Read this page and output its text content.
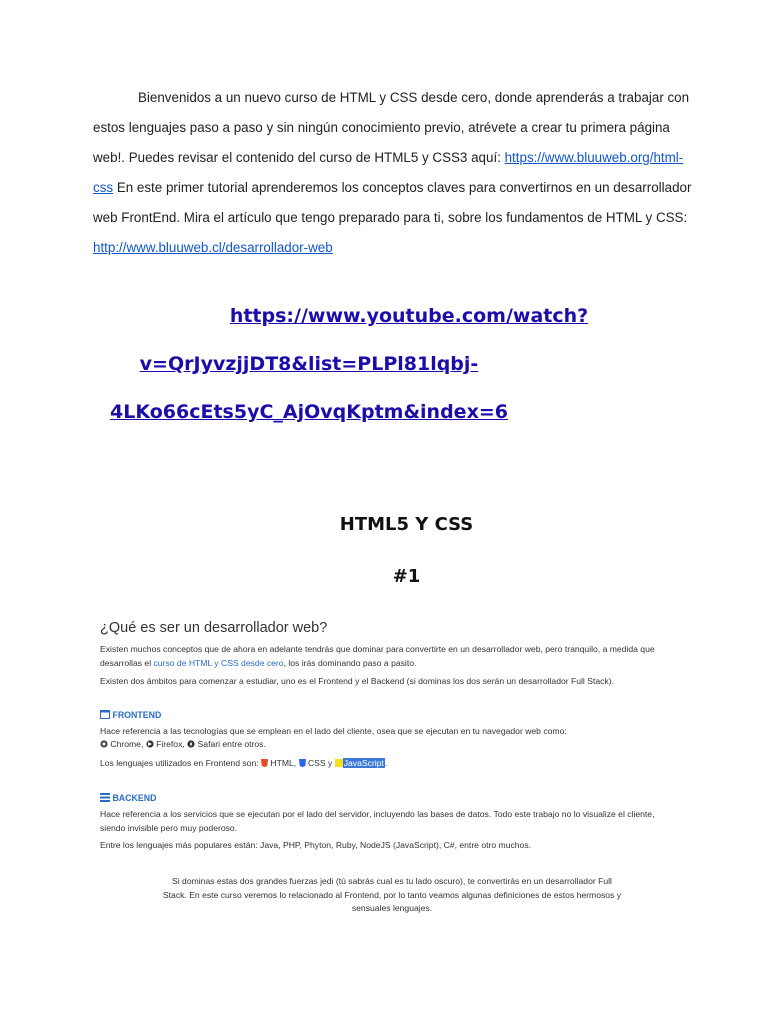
Bienvenidos a un nuevo curso de HTML y CSS desde cero, donde aprenderás a trabajar con estos lenguajes paso a paso y sin ningún conocimiento previo, atrévete a crear tu primera página web!. Puedes revisar el contenido del curso de HTML5 y CSS3 aquí: https://www.bluuweb.org/html-css En este primer tutorial aprenderemos los conceptos claves para convertirnos en un desarrollador web FrontEnd. Mira el artículo que tengo preparado para ti, sobre los fundamentos de HTML y CSS: http://www.bluuweb.cl/desarrollador-web

https://www.youtube.com/watch?
v=QrJyvzjjDT8&list=PLPl81lqbj-
4LKo66cEts5yC_AjOvqKptm&index=6
HTML5 Y CSS
#1
¿Qué es ser un desarrollador web?
Existen muchos conceptos que de ahora en adelante tendrás que dominar para convertirte en un desarrollador web, pero tranquilo, a medida que desarrollas el curso de HTML y CSS desde cero, los irás dominando paso a pasito.
Existen dos ámbitos para comenzar a estudiar, uno es el Frontend y el Backend (si dominas los dos serán un desarrollador Full Stack).
FRONTEND
Hace referencia a las tecnologías que se emplean en el lado del cliente, osea que se ejecutan en tu navegador web como:
Chrome,  Firefox,  Safari entre otros.
Los lenguajes utilizados en Frontend son:  HTML, CSS y JavaScript.
BACKEND
Hace referencia a los servicios que se ejecutan por el lado del servidor, incluyendo las bases de datos. Todo este trabajo no lo visualize el cliente, siendo invisible pero muy poderoso.
Entre los lenguajes más populares están: Java, PHP, Phyton, Ruby, NodeJS (JavaScript), C#, entre otro muchos.
Si dominas estas dos grandes fuerzas jedi (tú sabrás cual es tu lado oscuro), te convertirás en un desarrollador Full Stack. En este curso veremos lo relacionado al Frontend, por lo tanto veamos algunas definiciones de estos hermosos y sensuales lenguajes.
